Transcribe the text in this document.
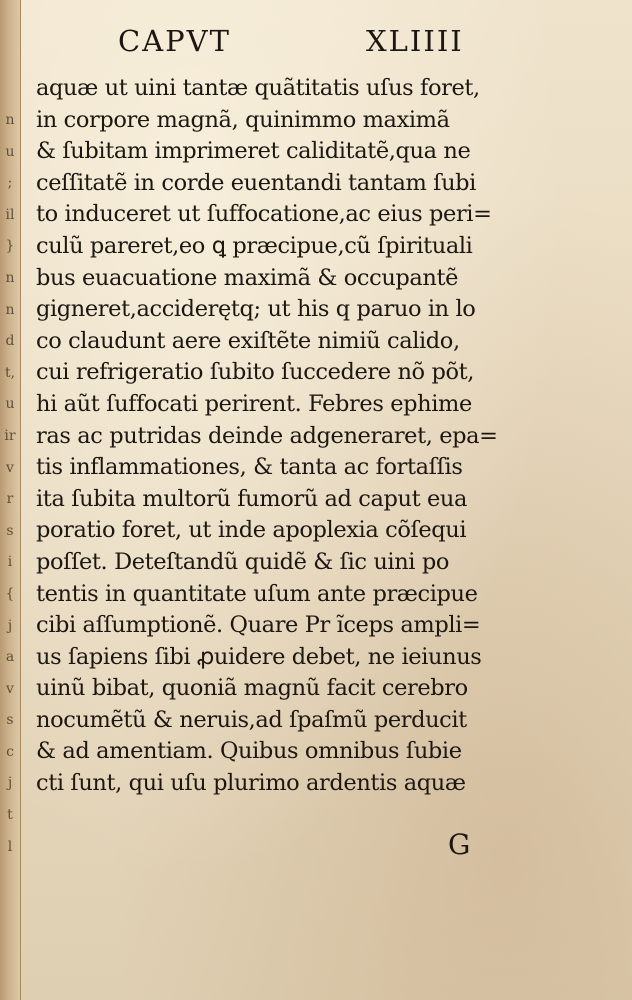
n
u
;
il
}
n
n
d
t,
u
ir
v
r
s
i
{
j
a
v
s
c
j
t
l
CAPVT	XLIIII
aquæ ut uini tantæ quãtitatis uſus foret,
in corpore magnã, quinimmo maximã
& ſubitam imprimeret caliditatẽ,qua ne
ceſſitatẽ in corde euentandi tantam ſubi
to induceret ut ſuffocatione,ac eius peri=
culũ pareret,eo ꝗ præcipue,cũ ſpirituali
bus euacuatione maximã & occupantẽ
gigneret,acciderętq; ut his q paruo in lo
co claudunt aere exiſtẽte nimiũ calido,
cui refrigeratio ſubito ſuccedere nõ põt,
hi aũt ſuffocati perirent. Febres ephime
ras ac putridas deinde adgeneraret, epa=
tis inflammationes, & tanta ac fortaſſis
ita ſubita multorũ fumorũ ad caput eua
poratio foret, ut inde apoplexia cõſequi
poſſet. Deteſtandũ quidẽ & ſic uini po
tentis in quantitate uſum ante præcipue
cibi aſſumptionẽ. Quare Pr ĩceps ampli=
us ſapiens ſibi ꝓuidere debet, ne ieiunus
uinũ bibat, quoniã magnũ facit cerebro
nocumẽtũ & neruis,ad ſpaſmũ perducit
& ad amentiam. Quibus omnibus ſubie
cti ſunt, qui uſu plurimo ardentis aquæ
G
